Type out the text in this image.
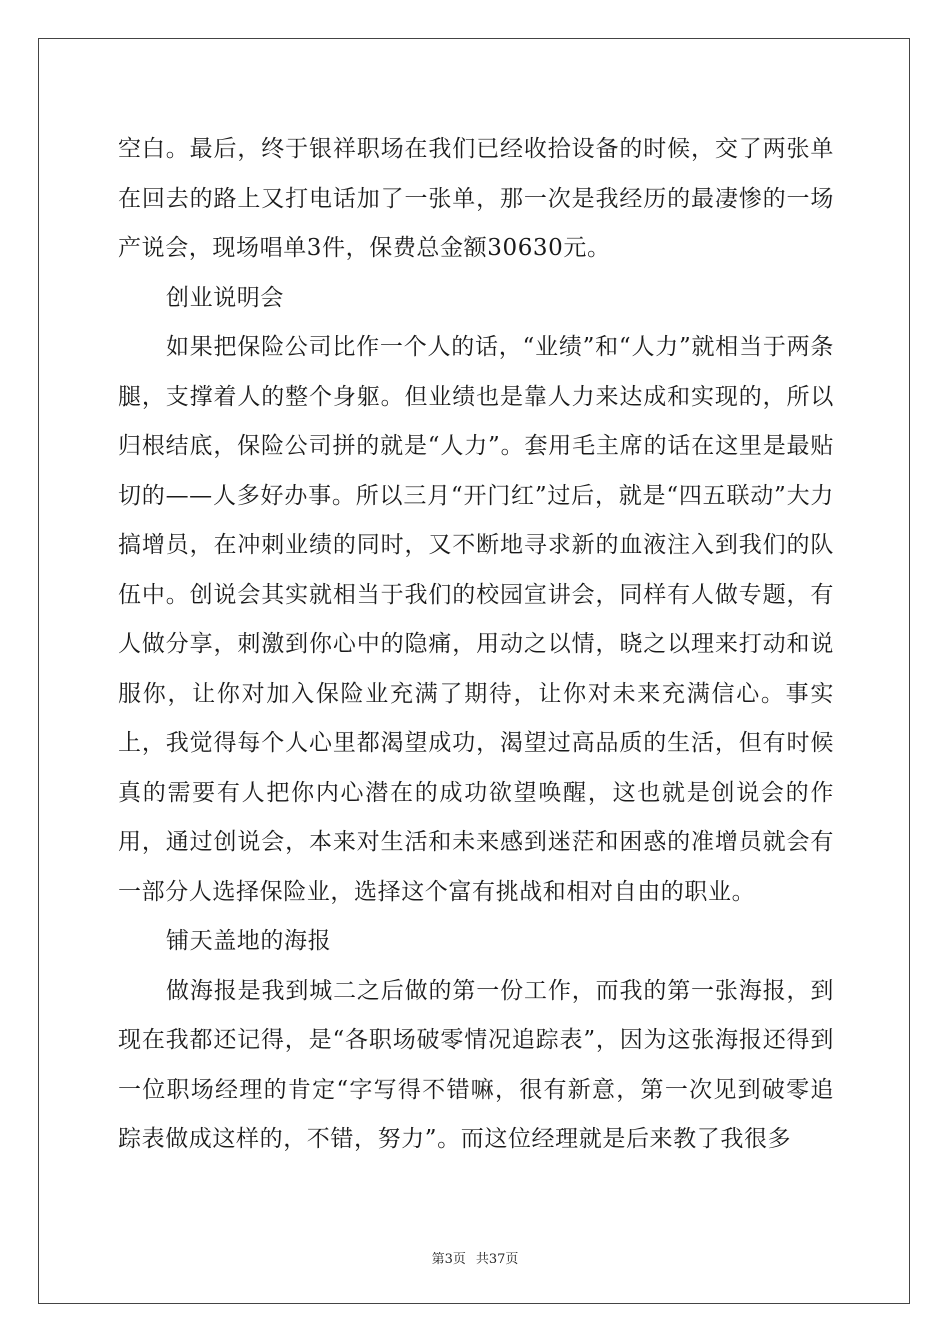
空白。最后，终于银祥职场在我们已经收拾设备的时候，交了两张单在回去的路上又打电话加了一张单，那一次是我经历的最凄惨的一场产说会，现场唱单3件，保费总金额30630元。

创业说明会

如果把保险公司比作一个人的话，“业绩”和“人力”就相当于两条腿，支撑着人的整个身躯。但业绩也是靠人力来达成和实现的，所以归根结底，保险公司拼的就是“人力”。套用毛主席的话在这里是最贴切的——人多好办事。所以三月“开门红”过后，就是“四五联动”大力搞增员，在冲刺业绩的同时，又不断地寻求新的血液注入到我们的队伍中。创说会其实就相当于我们的校园宣讲会，同样有人做专题，有人做分享，刺激到你心中的隐痛，用动之以情，晓之以理来打动和说服你，让你对加入保险业充满了期待，让你对未来充满信心。事实上，我觉得每个人心里都渴望成功，渴望过高品质的生活，但有时候真的需要有人把你内心潜在的成功欲望唤醒，这也就是创说会的作用，通过创说会，本来对生活和未来感到迷茫和困惑的准增员就会有一部分人选择保险业，选择这个富有挑战和相对自由的职业。

铺天盖地的海报

做海报是我到城二之后做的第一份工作，而我的第一张海报，到现在我都还记得，是“各职场破零情况追踪表”，因为这张海报还得到一位职场经理的肯定“字写得不错嘛，很有新意，第一次见到破零追踪表做成这样的，不错，努力”。而这位经理就是后来教了我很多

第3页 共37页
